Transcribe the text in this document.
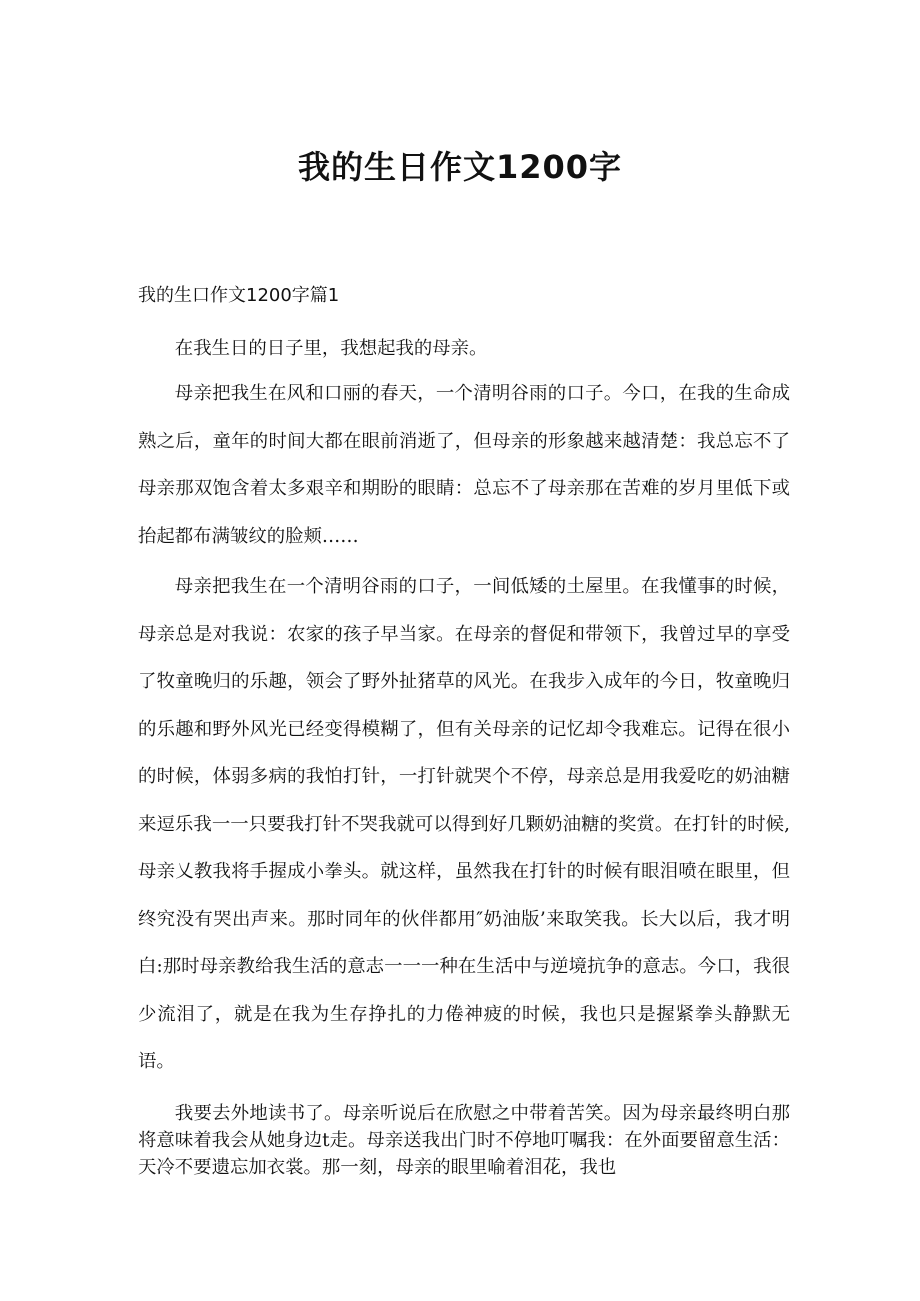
我的生日作文1200字

我的生口作文1200字篇1

在我生日的日子里，我想起我的母亲。

母亲把我生在风和口丽的春天，一个清明谷雨的口子。今口，在我的生命成熟之后，童年的时间大都在眼前消逝了，但母亲的形象越来越清楚：我总忘不了母亲那双饱含着太多艰辛和期盼的眼睛：总忘不了母亲那在苦难的岁月里低下或抬起都布满皱纹的脸颊……

母亲把我生在一个清明谷雨的口子，一间低矮的土屋里。在我懂事的时候，母亲总是对我说：农家的孩子早当家。在母亲的督促和带领下，我曾过早的享受了牧童晚归的乐趣，领会了野外扯猪草的风光。在我步入成年的今日，牧童晚归的乐趣和野外风光已经变得模糊了，但有关母亲的记忆却令我难忘。记得在很小的时候，体弱多病的我怕打针，一打针就哭个不停，母亲总是用我爱吃的奶油糖来逗乐我一一只要我打针不哭我就可以得到好几颗奶油糖的奖赏。在打针的时候,母亲乂教我将手握成小拳头。就这样，虽然我在打针的时候有眼泪喷在眼里，但终究没有哭出声来。那时同年的伙伴都用″奶油版’来取笑我。长大以后，我才明白:那时母亲教给我生活的意志一一一种在生活中与逆境抗争的意志。今口，我很少流泪了，就是在我为生存挣扎的力倦神疲的时候，我也只是握紧拳头静默无语。

我要去外地读书了。母亲听说后在欣慰之中带着苦笑。因为母亲最终明白那将意味着我会从她身边t走。母亲送我出门时不停地叮嘱我：在外面要留意生活：天冷不要遗忘加衣裳。那一刻，母亲的眼里喻着泪花，我也
